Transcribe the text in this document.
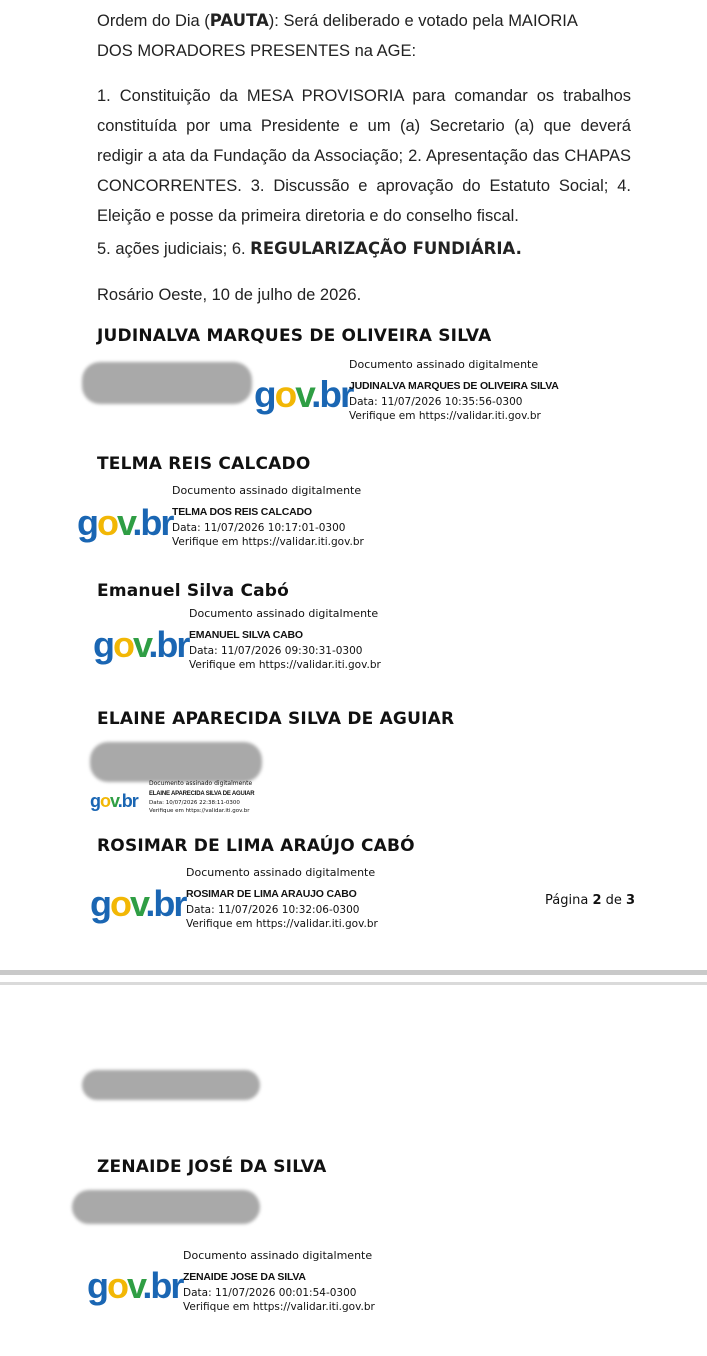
Ordem do Dia (PAUTA): Será deliberado e votado pela MAIORIA
DOS MORADORES PRESENTES na AGE:

1. Constituição da MESA PROVISORIA para comandar os trabalhos constituída por uma Presidente e um (a) Secretario (a) que deverá redigir a ata da Fundação da Associação; 2. Apresentação das CHAPAS CONCORRENTES. 3. Discussão e aprovação do Estatuto Social; 4. Eleição e posse da primeira diretoria e do conselho fiscal.

5. ações judiciais; 6. REGULARIZAÇÃO FUNDIÁRIA.
Rosário Oeste, 10 de julho de 2026.
JUDINALVA MARQUES DE OLIVEIRA SILVA
gov.br
Documento assinado digitalmente
JUDINALVA MARQUES DE OLIVEIRA SILVA
Data: 11/07/2026 10:35:56-0300
Verifique em https://validar.iti.gov.br
TELMA REIS CALCADO
gov.br
Documento assinado digitalmente
TELMA DOS REIS CALCADO
Data: 11/07/2026 10:17:01-0300
Verifique em https://validar.iti.gov.br
Emanuel Silva Cabó
gov.br
Documento assinado digitalmente
EMANUEL SILVA CABO
Data: 11/07/2026 09:30:31-0300
Verifique em https://validar.iti.gov.br
ELAINE APARECIDA SILVA DE AGUIAR
gov.br
Documento assinado digitalmente
ELAINE APARECIDA SILVA DE AGUIAR
Data: 10/07/2026 22:38:11-0300
Verifique em https://validar.iti.gov.br
ROSIMAR DE LIMA ARAÚJO CABÓ
gov.br
Documento assinado digitalmente
ROSIMAR DE LIMA ARAUJO CABO
Data: 11/07/2026 10:32:06-0300
Verifique em https://validar.iti.gov.br
Página 2 de 3
ZENAIDE JOSÉ DA SILVA
gov.br
Documento assinado digitalmente
ZENAIDE JOSE DA SILVA
Data: 11/07/2026 00:01:54-0300
Verifique em https://validar.iti.gov.br
